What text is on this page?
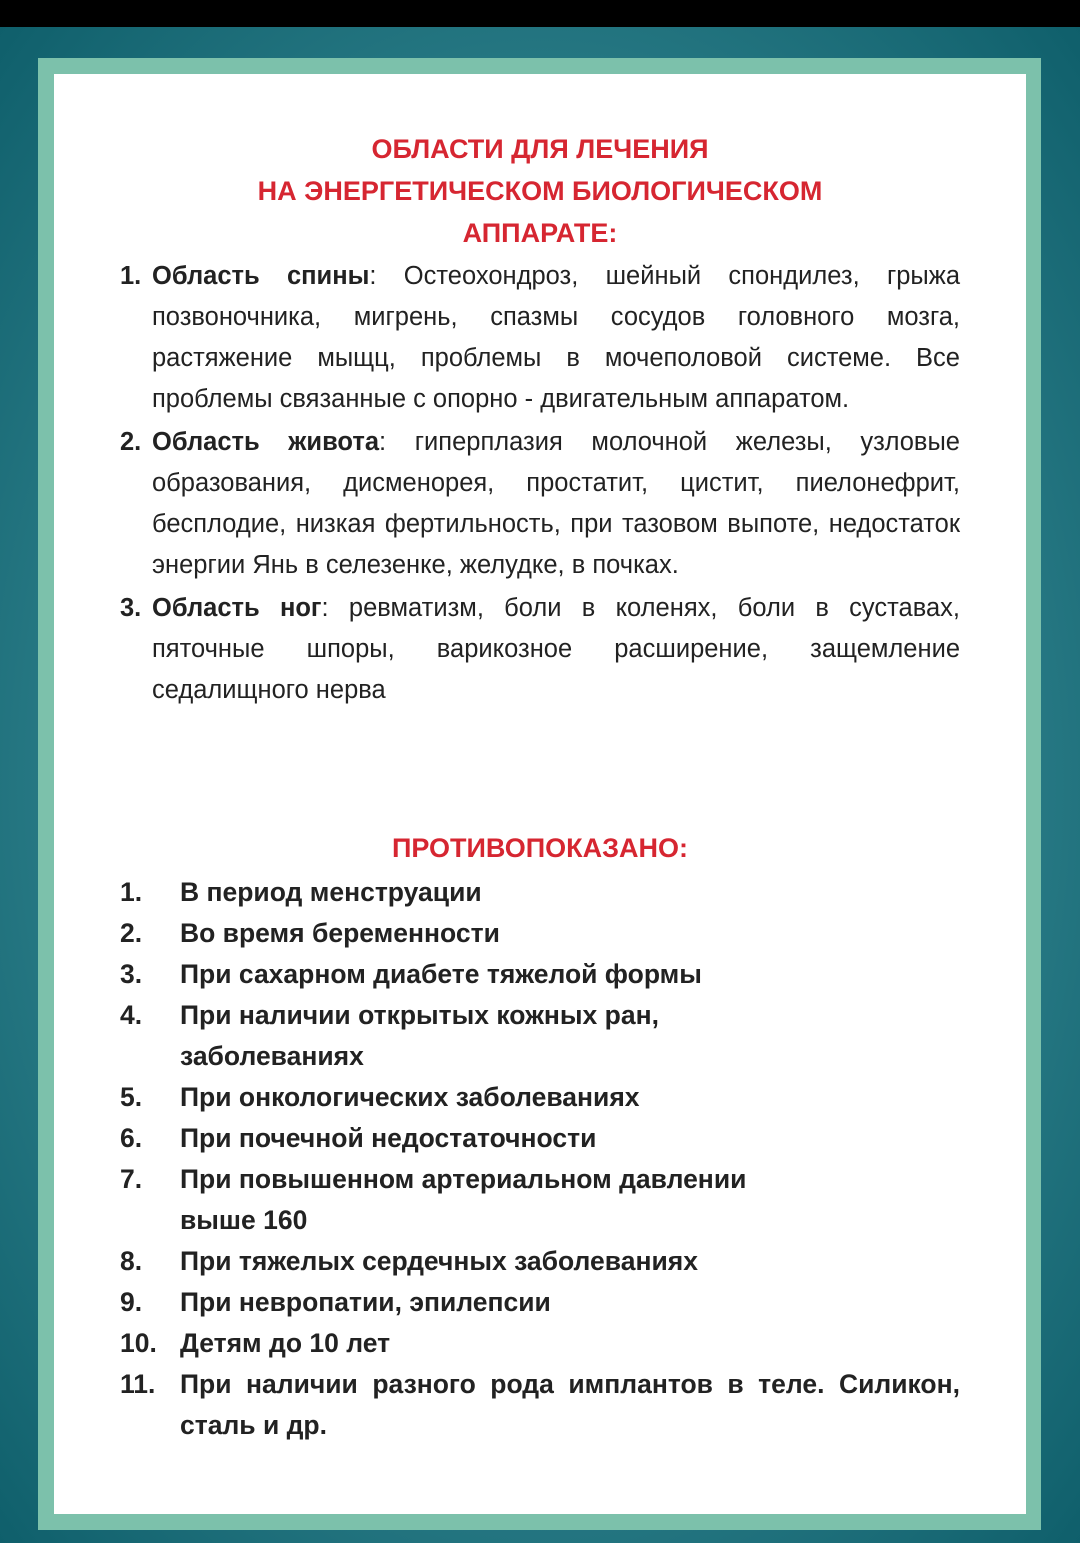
ОБЛАСТИ ДЛЯ ЛЕЧЕНИЯ
НА ЭНЕРГЕТИЧЕСКОМ БИОЛОГИЧЕСКОМ
АППАРАТЕ:
1. Область спины: Остеохондроз, шейный спондилез, грыжа позвоночника, мигрень, спазмы сосудов головного мозга, растяжение мыщц, проблемы в мочеполовой системе. Все проблемы связанные с опорно - двигательным аппаратом.
2. Область живота: гиперплазия молочной железы, узловые образования, дисменорея, простатит, цистит, пиелонефрит, бесплодие, низкая фертильность, при тазовом выпоте, недостаток энергии Янь в селезенке, желудке, в почках.
3. Область ног: ревматизм, боли в коленях, боли в суставах, пяточные шпоры, варикозное расширение, защемление седалищного нерва
ПРОТИВОПОКАЗАНО:
1. В период менструации
2. Во время беременности
3. При сахарном диабете тяжелой формы
4. При наличии открытых кожных ран, заболеваниях
5. При онкологических заболеваниях
6. При почечной недостаточности
7. При повышенном артериальном давлении выше 160
8. При тяжелых сердечных заболеваниях
9. При невропатии, эпилепсии
10. Детям до 10 лет
11. При наличии разного рода имплантов в теле. Силикон, сталь и др.
